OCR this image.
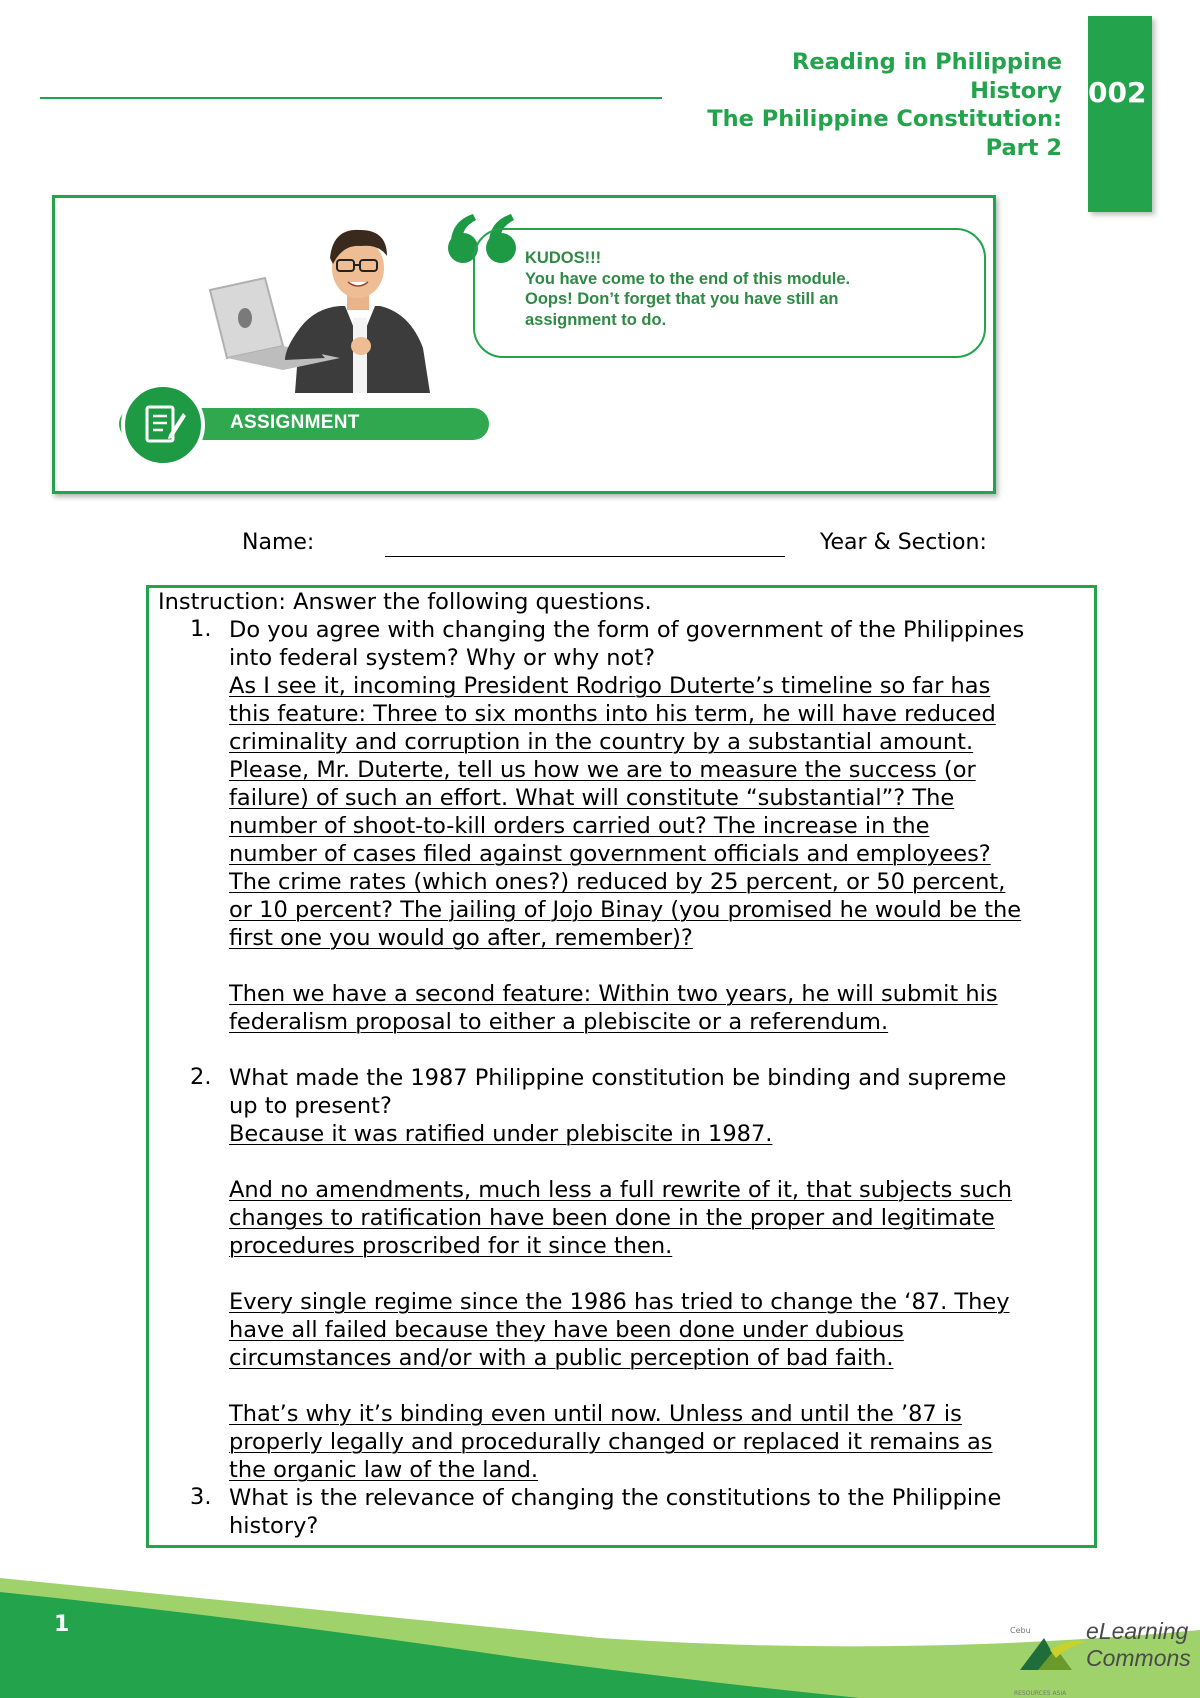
Reading in Philippine
History
The Philippine Constitution:
Part 2
002
KUDOS!!!
You have come to the end of this module.
Oops! Don’t forget that you have still an
assignment to do.
ASSIGNMENT
Name:	Year & Section:
Instruction: Answer the following questions.
1. Do you agree with changing the form of government of the Philippines
into federal system? Why or why not?
As I see it, incoming President Rodrigo Duterte’s timeline so far has
this feature: Three to six months into his term, he will have reduced
criminality and corruption in the country by a substantial amount.
Please, Mr. Duterte, tell us how we are to measure the success (or
failure) of such an effort. What will constitute “substantial”? The
number of shoot-to-kill orders carried out? The increase in the
number of cases filed against government officials and employees?
The crime rates (which ones?) reduced by 25 percent, or 50 percent,
or 10 percent? The jailing of Jojo Binay (you promised he would be the
first one you would go after, remember)?
Then we have a second feature: Within two years, he will submit his
federalism proposal to either a plebiscite or a referendum.
2. What made the 1987 Philippine constitution be binding and supreme
up to present?
Because it was ratified under plebiscite in 1987.
And no amendments, much less a full rewrite of it, that subjects such
changes to ratification have been done in the proper and legitimate
procedures proscribed for it since then.
Every single regime since the 1986 has tried to change the ‘87. They
have all failed because they have been done under dubious
circumstances and/or with a public perception of bad faith.
That’s why it’s binding even until now. Unless and until the ’87 is
properly legally and procedurally changed or replaced it remains as
the organic law of the land.
3. What is the relevance of changing the constitutions to the Philippine
history?
1	Cebu
RESOURCES ASIA
eLearning
Commons
